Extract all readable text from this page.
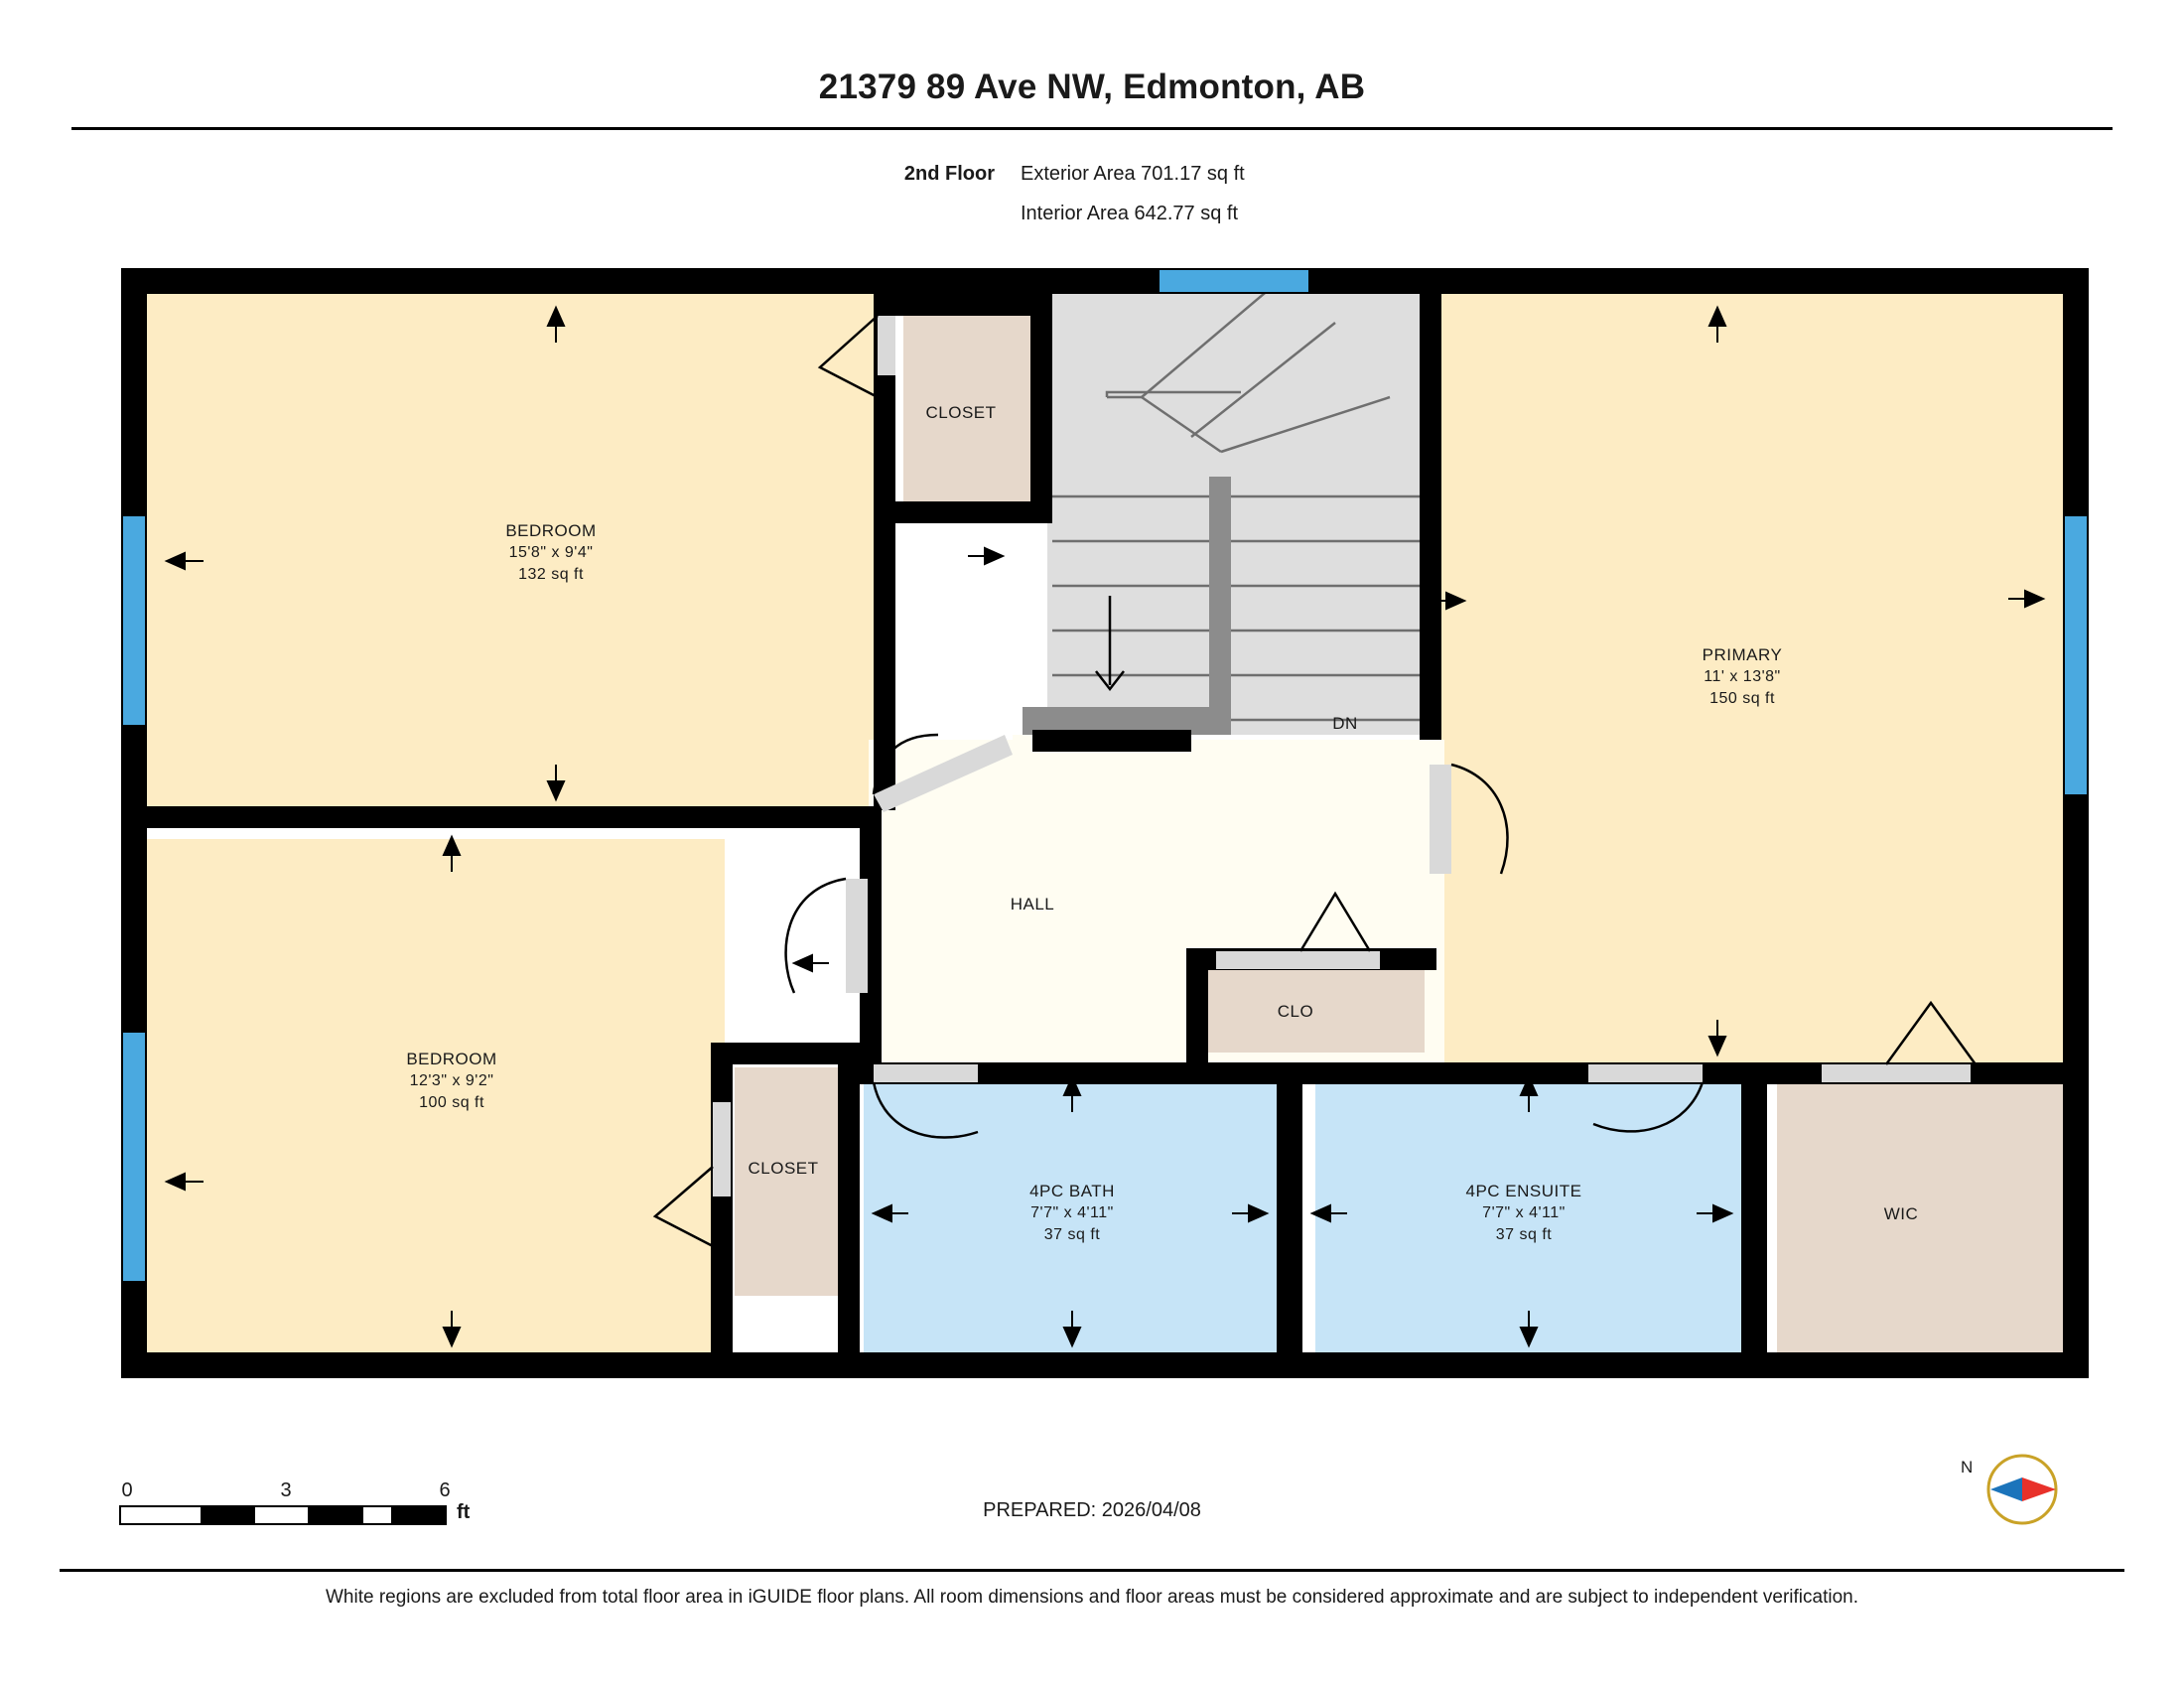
21379 89 Ave NW, Edmonton, AB
2nd Floor Exterior Area 701.17 sq ft
Interior Area 642.77 sq ft
BEDROOM
15'8" x 9'4"
132 sq ft
CLOSET
PRIMARY
11' x 13'8"
150 sq ft
HALL
DN
CLO
BEDROOM
12'3" x 9'2"
100 sq ft
CLOSET
4PC BATH
7'7" x 4'11"
37 sq ft
4PC ENSUITE
7'7" x 4'11"
37 sq ft
WIC
0	3	6
ft	PREPARED: 2026/04/08
N
White regions are excluded from total floor area in iGUIDE floor plans. All room dimensions and floor areas must be considered approximate and are subject to independent verification.
